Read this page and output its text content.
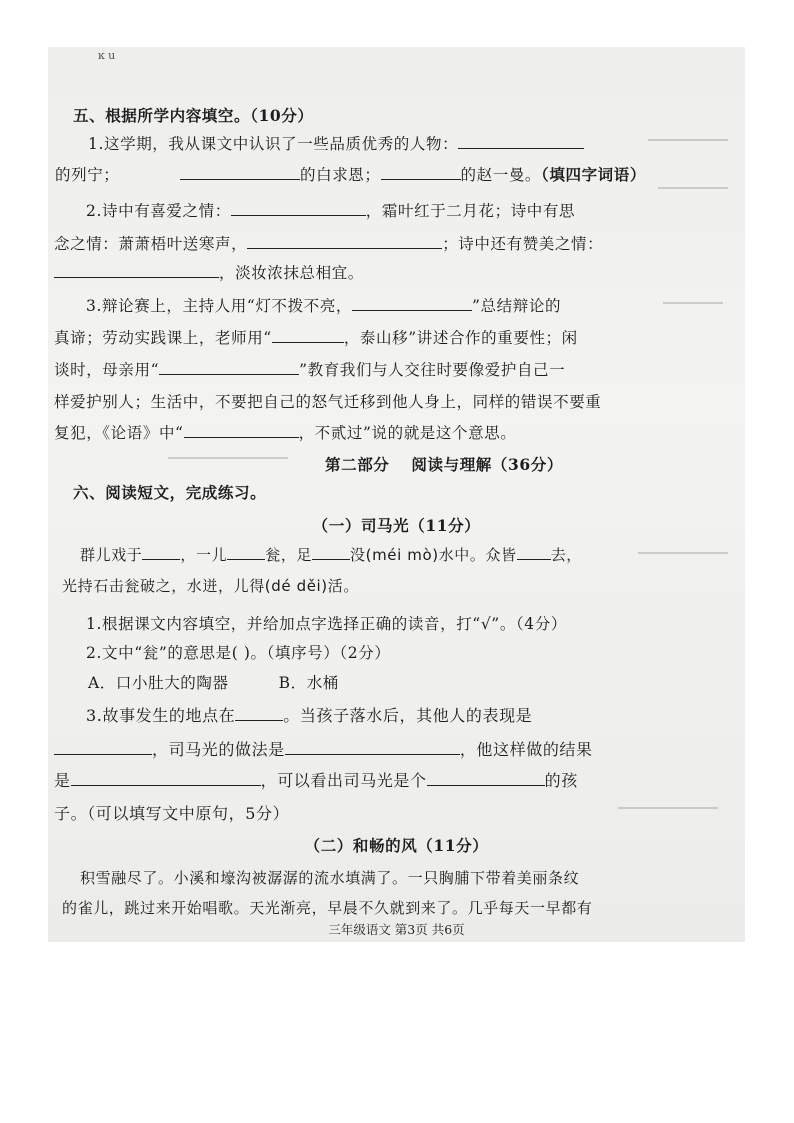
ĸ u
五、根据所学内容填空。（10分）
1.这学期，我从课文中认识了一些品质优秀的人物：
的列宁；	的白求恩；	的赵一曼。（填四字词语）
2.诗中有喜爱之情：	，霜叶红于二月花；诗中有思
念之情：萧萧梧叶送寒声，	；诗中还有赞美之情：
，淡妆浓抹总相宜。
3.辩论赛上，主持人用“灯不拨不亮，	”总结辩论的
真谛；劳动实践课上，老师用“	，泰山移”讲述合作的重要性；闲
谈时，母亲用“	”教育我们与人交往时要像爱护自己一
样爱护别人；生活中，不要把自己的怒气迁移到他人身上，同样的错误不要重
复犯，《论语》中“	，不贰过”说的就是这个意思。
第二部分 阅读与理解（36分）
六、阅读短文，完成练习。
（一）司马光（11分）
群儿戏于	，一儿	瓮，足	没(méi mò)水中。众皆 去，
光持石击瓮破之，水迸，儿得(dé děi)活。
1.根据课文内容填空，并给加点字选择正确的读音，打“√”。（4分）
2.文中“瓮”的意思是( )。（填序号）（2分）
A．口小肚大的陶器	B．水桶
3.故事发生的地点在	。当孩子落水后，其他人的表现是
，司马光的做法是	，他这样做的结果
是	，可以看出司马光是个	的孩
子。（可以填写文中原句，5分）
（二）和畅的风（11分）
积雪融尽了。小溪和壕沟被潺潺的流水填满了。一只胸脯下带着美丽条纹
的雀儿，跳过来开始唱歌。天光渐亮，早晨不久就到来了。几乎每天一早都有
三年级语文 第3页 共6页
